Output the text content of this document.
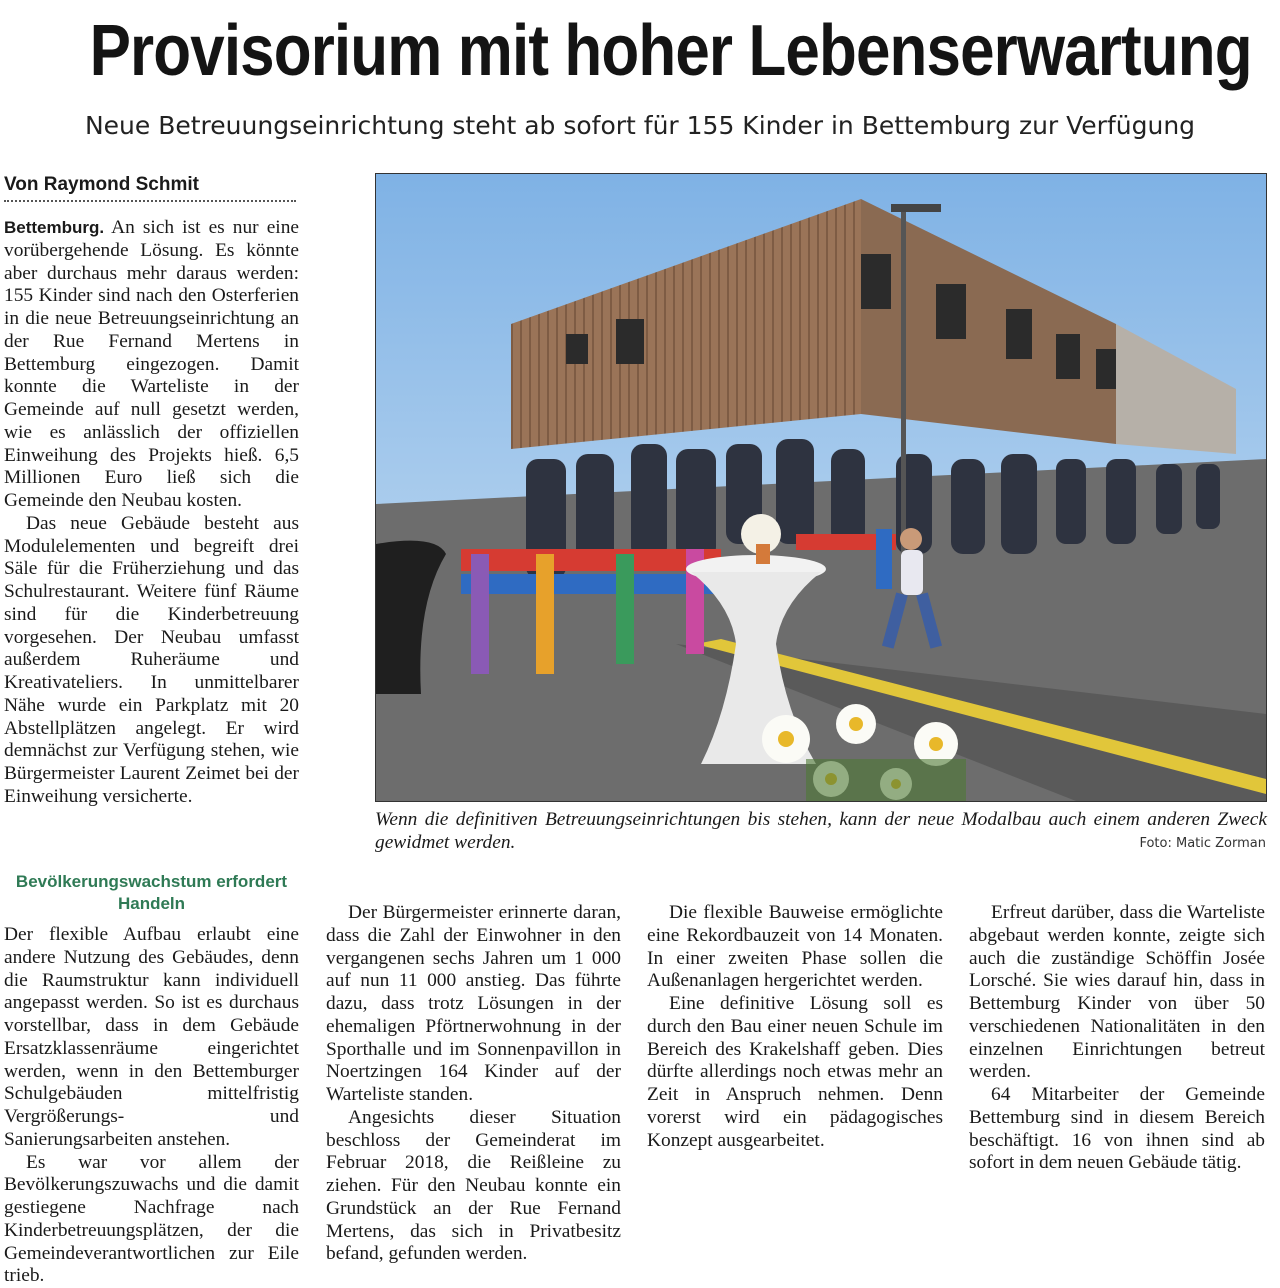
Provisorium mit hoher Lebenserwartung
Neue Betreuungseinrichtung steht ab sofort für 155 Kinder in Bettemburg zur Verfügung
Von Raymond Schmit

Bettemburg. An sich ist es nur eine vorübergehende Lösung. Es könnte aber durchaus mehr daraus werden: 155 Kinder sind nach den Osterferien in die neue Betreuungseinrichtung an der Rue Fernand Mertens in Bettemburg eingezogen. Damit konnte die Warteliste in der Gemeinde auf null gesetzt werden, wie es anlässlich der offiziellen Einweihung des Projekts hieß. 6,5 Millionen Euro ließ sich die Gemeinde den Neubau kosten.

Das neue Gebäude besteht aus Modulelementen und begreift drei Säle für die Früherziehung und das Schulrestaurant. Weitere fünf Räume sind für die Kinderbetreuung vorgesehen. Der Neubau umfasst außerdem Ruheräume und Kreativateliers. In unmittelbarer Nähe wurde ein Parkplatz mit 20 Abstellplätzen angelegt. Er wird demnächst zur Verfügung stehen, wie Bürgermeister Laurent Zeimet bei der Einweihung versicherte.

Bevölkerungswachstum erfordert Handeln

Der flexible Aufbau erlaubt eine andere Nutzung des Gebäudes, denn die Raumstruktur kann individuell angepasst werden. So ist es durchaus vorstellbar, dass in dem Gebäude Ersatzklassenräume eingerichtet werden, wenn in den Bettemburger Schulgebäuden mittelfristig Vergrößerungs- und Sanierungsarbeiten anstehen.

Es war vor allem der Bevölkerungszuwachs und die damit gestiegene Nachfrage nach Kinderbetreuungsplätzen, der die Gemeindeverantwortlichen zur Eile trieb.

Der Bürgermeister erinnerte daran, dass die Zahl der Einwohner in den vergangenen sechs Jahren um 1 000 auf nun 11 000 anstieg. Das führte dazu, dass trotz Lösungen in der ehemaligen Pförtnerwohnung in der Sporthalle und im Sonnenpavillon in Noertzingen 164 Kinder auf der Warteliste standen.

Angesichts dieser Situation beschloss der Gemeinderat im Februar 2018, die Reißleine zu ziehen. Für den Neubau konnte ein Grundstück an der Rue Fernand Mertens, das sich in Privatbesitz befand, gefunden werden.

Die flexible Bauweise ermöglichte eine Rekordbauzeit von 14 Monaten. In einer zweiten Phase sollen die Außenanlagen hergerichtet werden.

Eine definitive Lösung soll es durch den Bau einer neuen Schule im Bereich des Krakelshaff geben. Dies dürfte allerdings noch etwas mehr an Zeit in Anspruch nehmen. Denn vorerst wird ein pädagogisches Konzept ausgearbeitet.

Erfreut darüber, dass die Warteliste abgebaut werden konnte, zeigte sich auch die zuständige Schöffin Josée Lorsché. Sie wies darauf hin, dass in Bettemburg Kinder von über 50 verschiedenen Nationalitäten in den einzelnen Einrichtungen betreut werden.

64 Mitarbeiter der Gemeinde Bettemburg sind in diesem Bereich beschäftigt. 16 von ihnen sind ab sofort in dem neuen Gebäude tätig.

Wenn die definitiven Betreuungseinrichtungen bis stehen, kann der neue Modalbau auch einem anderen Zweck gewidmet werden.	Foto: Matic Zorman
